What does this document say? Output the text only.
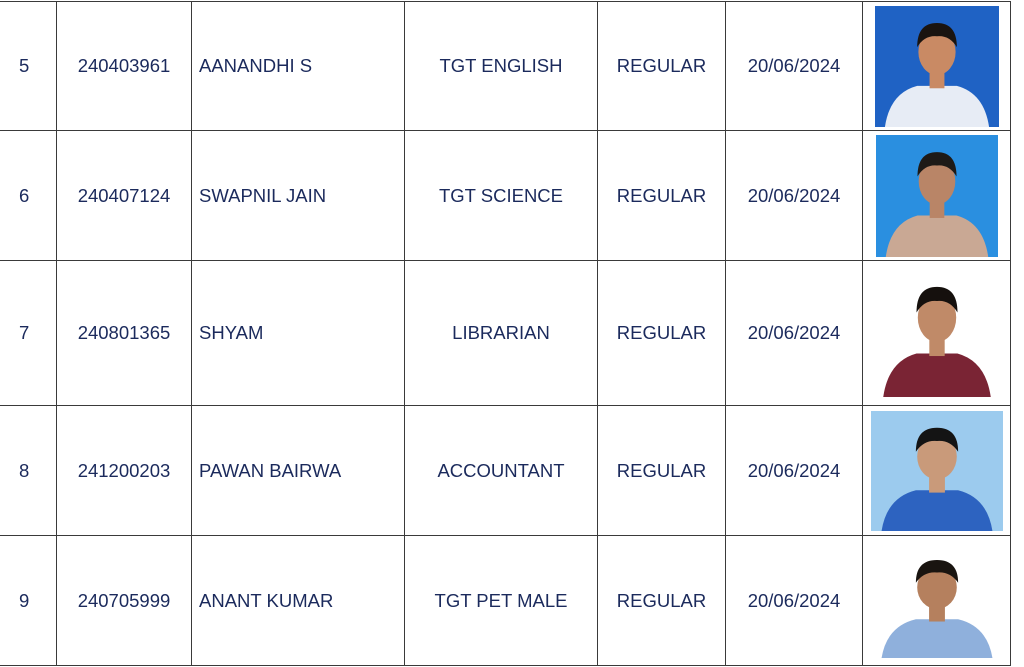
5	240403961	AANANDHI S	TGT ENGLISH	REGULAR	20/06/2024	

6	240407124	SWAPNIL JAIN	TGT SCIENCE	REGULAR	20/06/2024	

7	240801365	SHYAM	LIBRARIAN	REGULAR	20/06/2024	

8	241200203	PAWAN BAIRWA	ACCOUNTANT	REGULAR	20/06/2024	

9	240705999	ANANT KUMAR	TGT PET MALE	REGULAR	20/06/2024	
